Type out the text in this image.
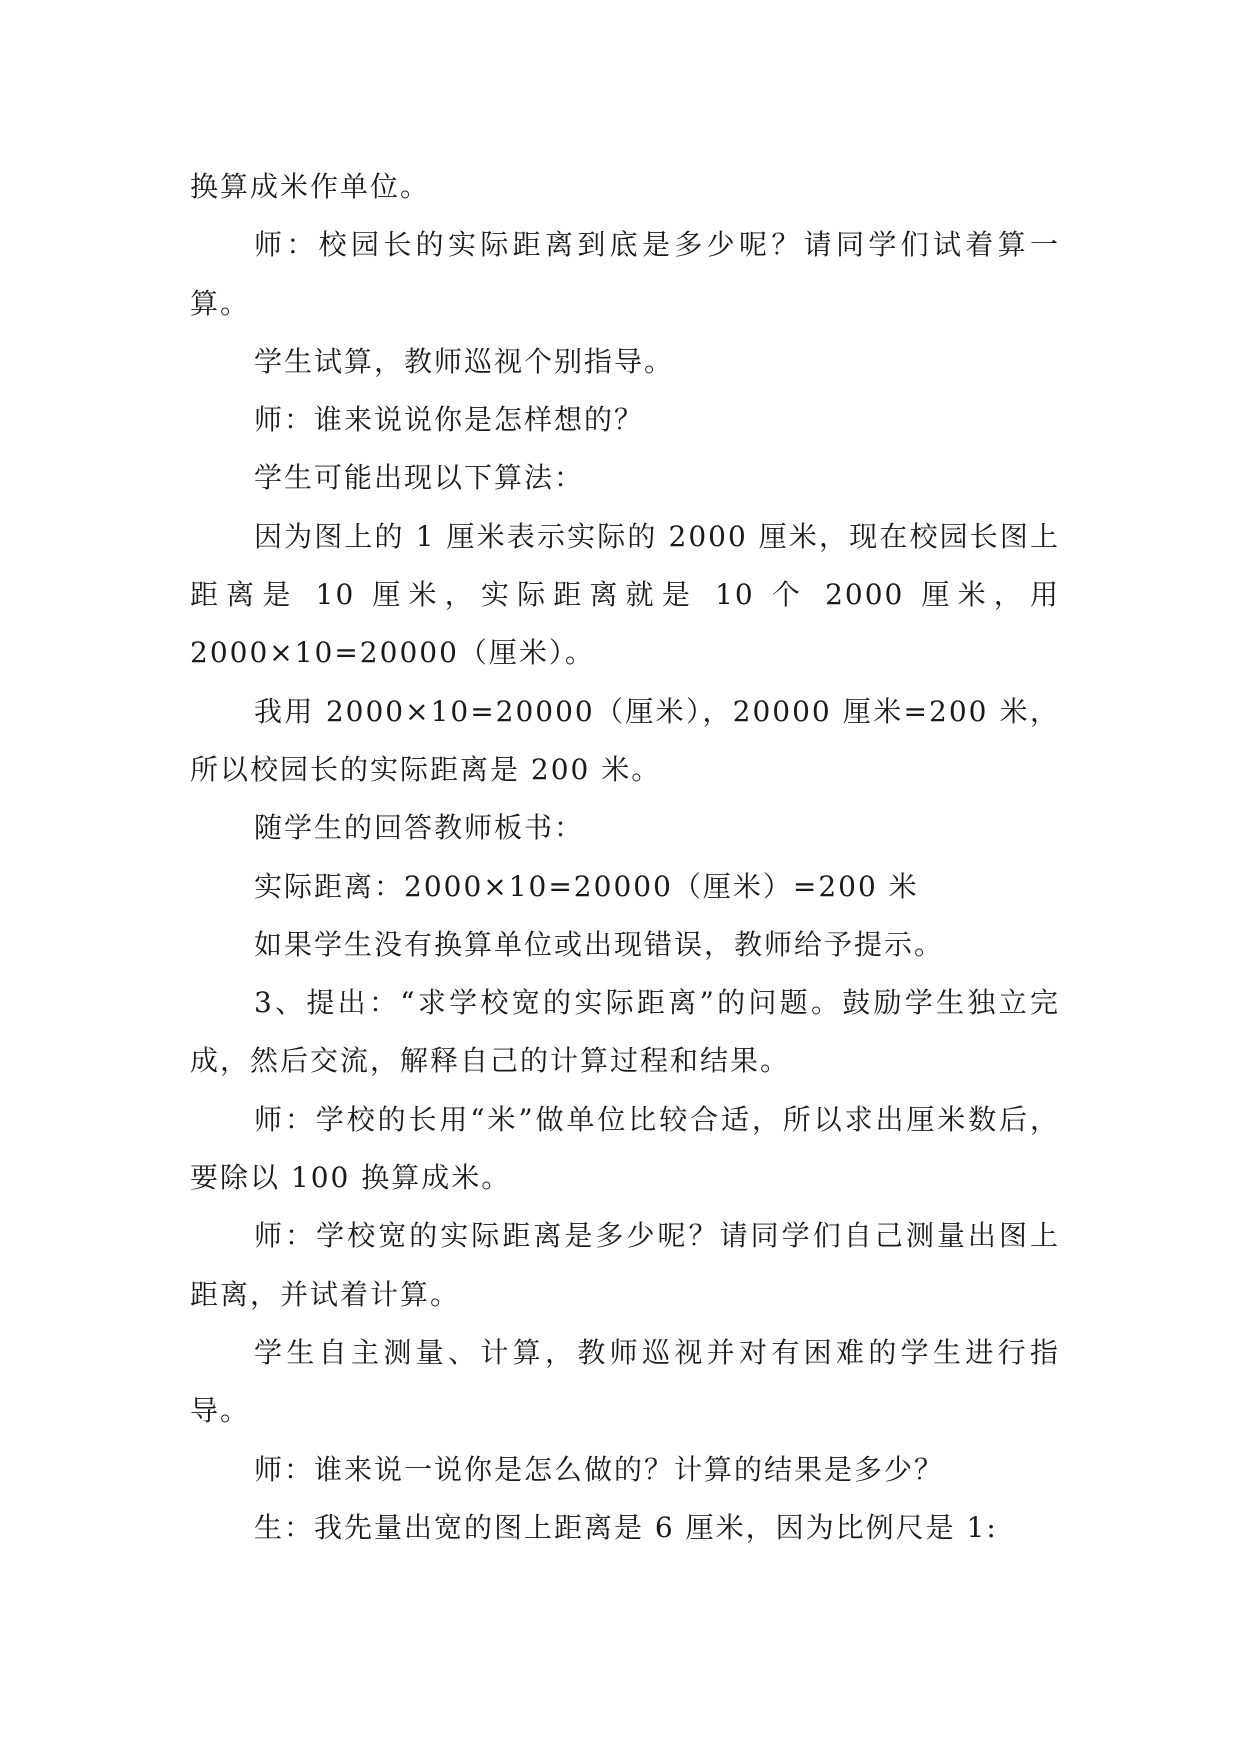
换算成米作单位。

师：校园长的实际距离到底是多少呢？请同学们试着算一算。

学生试算，教师巡视个别指导。

师：谁来说说你是怎样想的？

学生可能出现以下算法：

因为图上的 1 厘米表示实际的 2000 厘米，现在校园长图上距离是 10 厘米，实际距离就是 10 个 2000 厘米，用 2000×10=20000（厘米）。

我用 2000×10=20000（厘米），20000 厘米=200 米，所以校园长的实际距离是 200 米。

随学生的回答教师板书：

实际距离：2000×10=20000（厘米）=200 米

如果学生没有换算单位或出现错误，教师给予提示。

3、提出：“求学校宽的实际距离”的问题。鼓励学生独立完成，然后交流，解释自己的计算过程和结果。

师：学校的长用“米”做单位比较合适，所以求出厘米数后，要除以 100 换算成米。

师：学校宽的实际距离是多少呢？请同学们自己测量出图上距离，并试着计算。

学生自主测量、计算，教师巡视并对有困难的学生进行指导。

师：谁来说一说你是怎么做的？计算的结果是多少？

生：我先量出宽的图上距离是 6 厘米，因为比例尺是 1:
